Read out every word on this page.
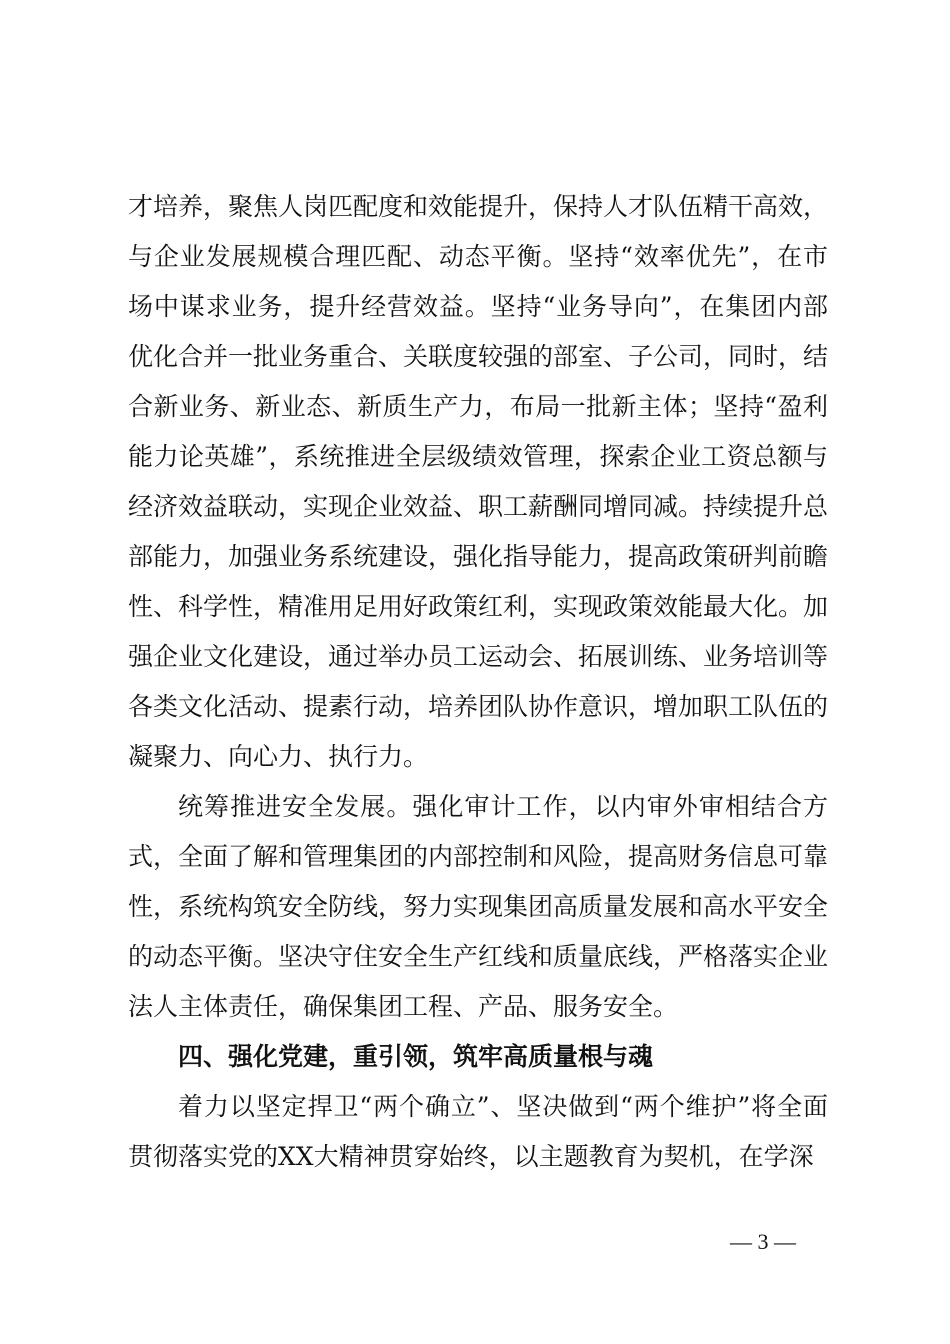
才培养，聚焦人岗匹配度和效能提升，保持人才队伍精干高效，与企业发展规模合理匹配、动态平衡。坚持“效率优先”，在市场中谋求业务，提升经营效益。坚持“业务导向”，在集团内部优化合并一批业务重合、关联度较强的部室、子公司，同时，结合新业务、新业态、新质生产力，布局一批新主体；坚持“盈利能力论英雄”，系统推进全层级绩效管理，探索企业工资总额与经济效益联动，实现企业效益、职工薪酬同增同减。持续提升总部能力，加强业务系统建设，强化指导能力，提高政策研判前瞻性、科学性，精准用足用好政策红利，实现政策效能最大化。加强企业文化建设，通过举办员工运动会、拓展训练、业务培训等各类文化活动、提素行动，培养团队协作意识，增加职工队伍的凝聚力、向心力、执行力。

统筹推进安全发展。强化审计工作，以内审外审相结合方式，全面了解和管理集团的内部控制和风险，提高财务信息可靠性，系统构筑安全防线，努力实现集团高质量发展和高水平安全的动态平衡。坚决守住安全生产红线和质量底线，严格落实企业法人主体责任，确保集团工程、产品、服务安全。

四、强化党建，重引领，筑牢高质量根与魂

着力以坚定捍卫“两个确立”、坚决做到“两个维护”将全面贯彻落实党的XX大精神贯穿始终，以主题教育为契机，在学深

— 3 —
